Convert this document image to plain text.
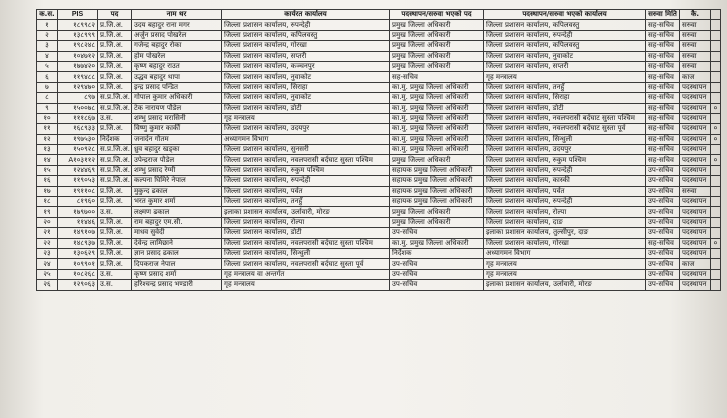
क.स.	PIS	पद	नाम थर	कार्यरत कार्यालय	पदस्थापन/सरुवा भएको पद	पदस्थापन/सरुवा भएको कार्यालय	सरुवा मिति	कै.	
१	१८९९८२	प्र.जि.अ.	उदय बहादुर राना मगर	जिल्ला प्रशासन कार्यालय, रुपन्देही	प्रमुख जिल्ला अधिकारी	जिल्ला प्रशासन कार्यालय, कपिलवस्तु	सह-सचिव	सरुवा	
२	१३८९९९	प्र.जि.अ.	अर्जुन प्रसाद पोखरेल	जिल्ला प्रशासन कार्यालय, कपिलवस्तु	प्रमुख जिल्ला अधिकारी	जिल्ला प्रशासन कार्यालय, रुपन्देही	सह-सचिव	सरुवा	
३	१९८२४८	प्र.जि.अ.	गजेन्द्र बहादुर रोका	जिल्ला प्रशासन कार्यालय, गोरखा	प्रमुख जिल्ला अधिकारी	जिल्ला प्रशासन कार्यालय, कपिलवस्तु	सह-सचिव	सरुवा	
४	१०४७१२	प्र.जि.अ.	होम पोखरेल	जिल्ला प्रशासन कार्यालय, सप्तरी	प्रमुख जिल्ला अधिकारी	जिल्ला प्रशासन कार्यालय, नुवाकोट	सह-सचिव	सरुवा	
५	१७७४२०	प्र.जि.अ.	कृष्ण बहादुर राउत	जिल्ला प्रशासन कार्यालय, कञ्चनपुर	प्रमुख जिल्ला अधिकारी	जिल्ला प्रशासन कार्यालय, सप्तरी	सह-सचिव	सरुवा	
६	११९४८८	प्र.जि.अ.	उद्धव बहादुर थापा	जिल्ला प्रशासन कार्यालय, नुवाकोट	सह-सचिव	गृह मन्त्रालय	सह-सचिव	काज	
७	१२९४७०	प्र.जि.अ.	इन्द्र प्रसाद पन्डित	जिल्ला प्रशासन कार्यालय, सिराहा	का.मु. प्रमुख जिल्ला अधिकारी	जिल्ला प्रशासन कार्यालय, तनहुँ	सह-सचिव	पदस्थापन	
८	८९७	स.प्र.जि.अ.	गोपाल कुमार अधिकारी	जिल्ला प्रशासन कार्यालय, नुवाकोट	का.मु. प्रमुख जिल्ला अधिकारी	जिल्ला प्रशासन कार्यालय, सिराहा	सह-सचिव	पदस्थापन	
९	१५००७८	स.प्र.जि.अ.	टेक नारायण पौडेल	जिल्ला प्रशासन कार्यालय, डोटी	का.मु. प्रमुख जिल्ला अधिकारी	जिल्ला प्रशासन कार्यालय, डोटी	सह-सचिव	पदस्थापन	०
१०	१११८६७	उ.स.	शम्भु प्रसाद मरासिनी	गृह मन्त्रालय	का.मु. प्रमुख जिल्ला अधिकारी	जिल्ला प्रशासन कार्यालय, नवलपरासी बर्दघाट सुस्ता पश्चिम	सह-सचिव	पदस्थापन	
११	१६८९३३	प्र.जि.अ.	विष्णु कुमार कार्की	जिल्ला प्रशासन कार्यालय, उदयपुर	का.मु. प्रमुख जिल्ला अधिकारी	जिल्ला प्रशासन कार्यालय, नवलपरासी बर्दघाट सुस्ता पूर्व	सह-सचिव	पदस्थापन	०
१२	१९७५३०	निर्देशक	जनार्दन गौतम	अध्यागमन विभाग	का.मु. प्रमुख जिल्ला अधिकारी	जिल्ला प्रशासन कार्यालय, सिन्धुली	सह-सचिव	पदस्थापन	०
१३	१५०९२८	स.प्र.जि.अ.	ध्रुव बहादुर खड्का	जिल्ला प्रशासन कार्यालय, सुनसरी	का.मु. प्रमुख जिल्ला अधिकारी	जिल्ला प्रशासन कार्यालय, उदयपुर	सह-सचिव	पदस्थापन	
१४	A१०३११२	स.प्र.जि.अ.	उपेन्द्रराज पौडेल	जिल्ला प्रशासन कार्यालय, नवलपरासी बर्दघाट सुस्ता पश्चिम	प्रमुख जिल्ला अधिकारी	जिल्ला प्रशासन कार्यालय, रुकुम पश्चिम	सह-सचिव	पदस्थापन	०
१५	१२४४६९	स.प्र.जि.अ.	शम्भु प्रसाद रेग्मी	जिल्ला प्रशासन कार्यालय, रुकुम पश्चिम	सहायक प्रमुख जिल्ला अधिकारी	जिल्ला प्रशासन कार्यालय, रुपन्देही	उप-सचिव	पदस्थापन	
१६	११९०५३	स.प्र.जि.अ.	कल्पना घिमिरे नेपाल	जिल्ला प्रशासन कार्यालय, रुपन्देही	सहायक प्रमुख जिल्ला अधिकारी	जिल्ला प्रशासन कार्यालय, कास्की	उप-सचिव	पदस्थापन	
१७	१९११०८	प्र.जि.अ.	मुकुन्द ढकाल	जिल्ला प्रशासन कार्यालय, पर्वत	सहायक प्रमुख जिल्ला अधिकारी	जिल्ला प्रशासन कार्यालय, पर्वत	उप-सचिव	सरुवा	
१८	८१९६०	प्र.जि.अ.	भरत कुमार शर्मा	जिल्ला प्रशासन कार्यालय, तनहुँ	सहायक प्रमुख जिल्ला अधिकारी	जिल्ला प्रशासन कार्यालय, रुपन्देही	उप-सचिव	पदस्थापन	
१९	१७९७००	उ.स.	लक्ष्मण ढकाल	इलाका प्रशासन कार्यालय, उर्लावारी, मोरङ	प्रमुख जिल्ला अधिकारी	जिल्ला प्रशासन कार्यालय, रोल्पा	उप-सचिव	पदस्थापन	
२०	११४४६	प्र.जि.अ.	राम बहादुर एम.सी.	जिल्ला प्रशासन कार्यालय, रोल्पा	प्रमुख जिल्ला अधिकारी	जिल्ला प्रशासन कार्यालय, दाङ	उप-सचिव	पदस्थापन	
२१	१४९१०७	प्र.जि.अ.	माधव सुवेदी	जिल्ला प्रशासन कार्यालय, डोटी	उप-सचिव	इलाका प्रशासन कार्यालय, तुल्सीपुर, दाङ	उप-सचिव	पदस्थापन	
२२	१४८९३७	प्र.जि.अ.	देवेन्द्र लामिछाने	जिल्ला प्रशासन कार्यालय, नवलपरासी बर्दघाट सुस्ता पश्चिम	का.मु. प्रमुख जिल्ला अधिकारी	जिल्ला प्रशासन कार्यालय, गोरखा	सह-सचिव	पदस्थापन	०
२३	१३०६२९	प्र.जि.अ.	ज्ञान प्रसाद ढकाल	जिल्ला प्रशासन कार्यालय, सिन्धुली	निर्देशक	अध्यागमन विभाग	उप-सचिव	पदस्थापन	
२४	१०९९०१	प्र.जि.अ.	दिपकराज नेपाल	जिल्ला प्रशासन कार्यालय, नवलपरासी बर्दघाट सुस्ता पूर्व	उप-सचिव	गृह मन्त्रालय	उप-सचिव	काज	
२५	१०८२६८	उ.स.	कृष्ण प्रसाद शर्मा	गृह मन्त्रालय वा अन्तर्गत	उप-सचिव	गृह मन्त्रालय	उप-सचिव	पदस्थापन	
२६	१२९०६३	उ.स.	हरिश्चन्द्र प्रसाद भण्डारी	गृह मन्त्रालय	उप-सचिव	इलाका प्रशासन कार्यालय, उर्लावारी, मोरङ	उप-सचिव	पदस्थापन	
